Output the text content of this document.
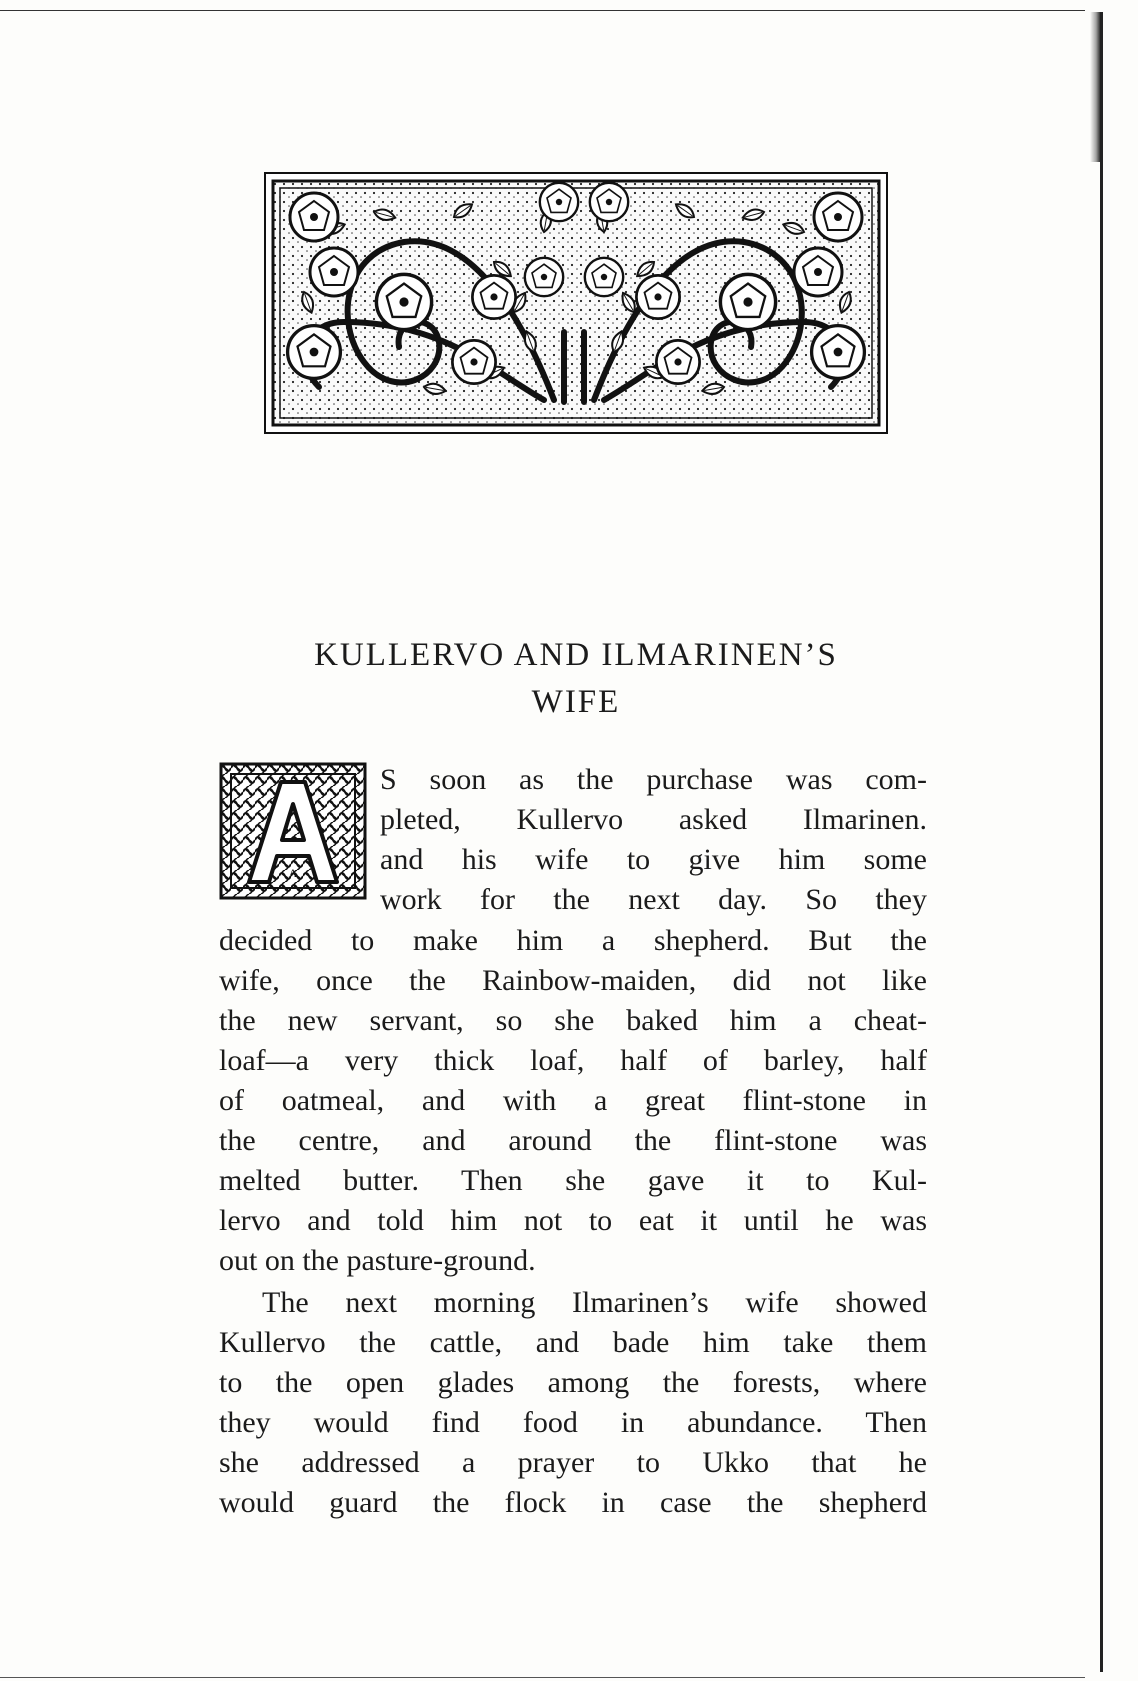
KULLERVO AND ILMARINEN’S
WIFE
A
S soon as the purchase was com-
pleted, Kullervo asked Ilmarinen.
and his wife to give him some
work for the next day. So they
decided to make him a shepherd. But the
wife, once the Rainbow-maiden, did not like
the new servant, so she baked him a cheat-
loaf—a very thick loaf, half of barley, half
of oatmeal, and with a great flint-stone in
the centre, and around the flint-stone was
melted butter. Then she gave it to Kul-
lervo and told him not to eat it until he was
out on the pasture-ground.
The next morning Ilmarinen’s wife showed
Kullervo the cattle, and bade him take them
to the open glades among the forests, where
they would find food in abundance. Then
she addressed a prayer to Ukko that he
would guard the flock in case the shepherd
